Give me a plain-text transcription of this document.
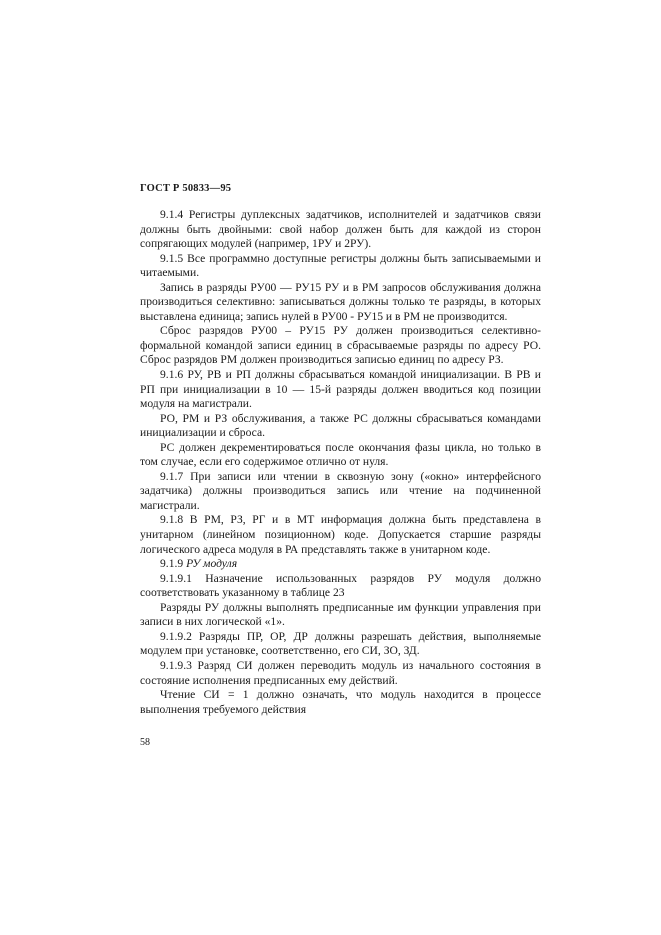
ГОСТ Р 50833—95

9.1.4 Регистры дуплексных задатчиков, исполнителей и задатчиков связи должны быть двойными: свой набор должен быть для каждой из сторон сопрягающих модулей (например, 1РУ и 2РУ).

9.1.5 Все программно доступные регистры должны быть записываемыми и читаемыми.

Запись в разряды РУ00 — РУ15 РУ и в РМ запросов обслуживания должна производиться селективно: записываться должны только те разряды, в которых выставлена единица; запись нулей в РУ00 - РУ15 и в РМ не производится.

Сброс разрядов РУ00 – РУ15 РУ должен производиться селективно-формальной командой записи единиц в сбрасываемые разряды по адресу РО. Сброс разрядов РМ должен производиться записью единиц по адресу РЗ.

9.1.6 РУ, РВ и РП должны сбрасываться командой инициализации. В РВ и РП при инициализации в 10 — 15-й разряды должен вводиться код позиции модуля на магистрали.

РО, РМ и РЗ обслуживания, а также РС должны сбрасываться командами инициализации и сброса.

РС должен декрементироваться после окончания фазы цикла, но только в том случае, если его содержимое отлично от нуля.

9.1.7 При записи или чтении в сквозную зону («окно» интерфейсного задатчика) должны производиться запись или чтение на подчиненной магистрали.

9.1.8 В РМ, РЗ, РГ и в МТ информация должна быть представлена в унитарном (линейном позиционном) коде. Допускается старшие разряды логического адреса модуля в РА представлять также в унитарном коде.

9.1.9 РУ модуля

9.1.9.1 Назначение использованных разрядов РУ модуля должно соответствовать указанному в таблице 23

Разряды РУ должны выполнять предписанные им функции управления при записи в них логической «1».

9.1.9.2 Разряды ПР, ОР, ДР должны разрешать действия, выполняемые модулем при установке, соответственно, его СИ, ЗО, ЗД.

9.1.9.3 Разряд СИ должен переводить модуль из начального состояния в состояние исполнения предписанных ему действий.

Чтение СИ = 1 должно означать, что модуль находится в процессе выполнения требуемого действия

58
